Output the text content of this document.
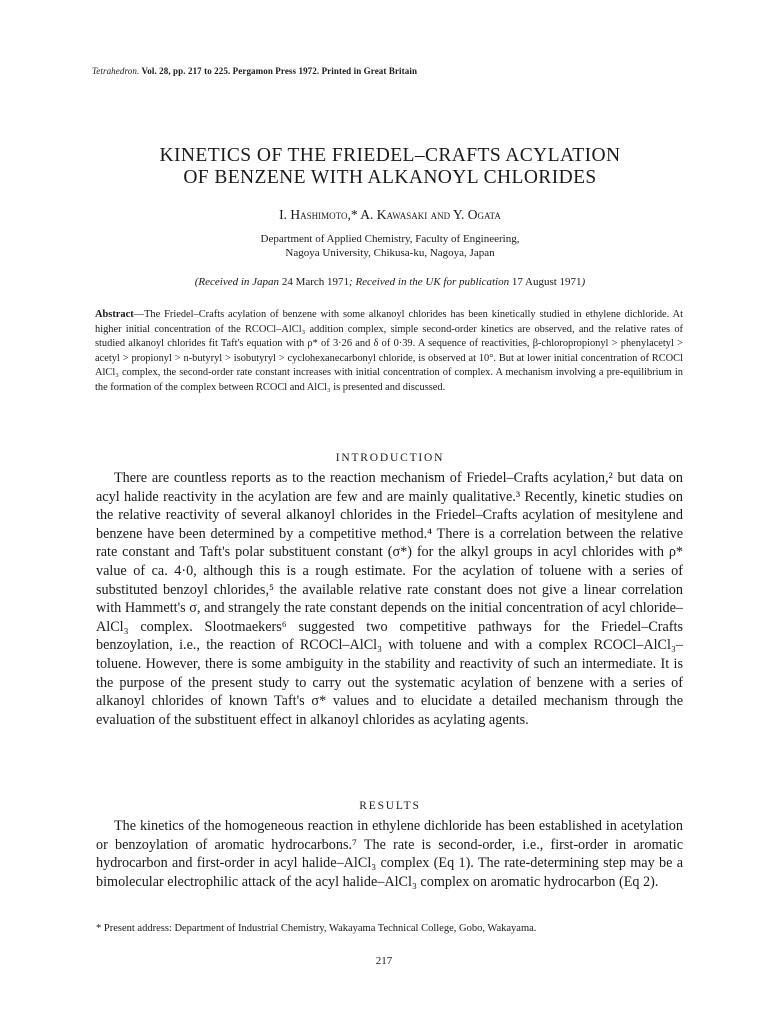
Tetrahedron. Vol. 28, pp. 217 to 225. Pergamon Press 1972. Printed in Great Britain
KINETICS OF THE FRIEDEL–CRAFTS ACYLATION
OF BENZENE WITH ALKANOYL CHLORIDES
I. Hashimoto,* A. Kawasaki and Y. Ogata
Department of Applied Chemistry, Faculty of Engineering,
Nagoya University, Chikusa-ku, Nagoya, Japan
(Received in Japan 24 March 1971; Received in the UK for publication 17 August 1971)
Abstract—The Friedel–Crafts acylation of benzene with some alkanoyl chlorides has been kinetically studied in ethylene dichloride. At higher initial concentration of the RCOCl–AlCl₃ addition complex, simple second-order kinetics are observed, and the relative rates of studied alkanoyl chlorides fit Taft's equation with ρ* of 3·26 and δ of 0·39. A sequence of reactivities, β-chloropropionyl > phenylacetyl > acetyl > propionyl > n-butyryl > isobutyryl > cyclohexanecarbonyl chloride, is observed at 10°. But at lower initial concentration of RCOCl AlCl₃ complex, the second-order rate constant increases with initial concentration of complex. A mechanism involving a pre-equilibrium in the formation of the complex between RCOCl and AlCl₃ is presented and discussed.
INTRODUCTION

There are countless reports as to the reaction mechanism of Friedel–Crafts acylation,² but data on acyl halide reactivity in the acylation are few and are mainly qualitative.³ Recently, kinetic studies on the relative reactivity of several alkanoyl chlorides in the Friedel–Crafts acylation of mesitylene and benzene have been determined by a competitive method.⁴ There is a correlation between the relative rate constant and Taft's polar substituent constant (σ*) for the alkyl groups in acyl chlorides with ρ* value of ca. 4·0, although this is a rough estimate. For the acylation of toluene with a series of substituted benzoyl chlorides,⁵ the available relative rate constant does not give a linear correlation with Hammett's σ, and strangely the rate constant depends on the initial concentration of acyl chloride–AlCl₃ complex. Slootmaekers⁶ suggested two competitive pathways for the Friedel–Crafts benzoylation, i.e., the reaction of RCOCl–AlCl₃ with toluene and with a complex RCOCl–AlCl₃–toluene. However, there is some ambiguity in the stability and reactivity of such an intermediate. It is the purpose of the present study to carry out the systematic acylation of benzene with a series of alkanoyl chlorides of known Taft's σ* values and to elucidate a detailed mechanism through the evaluation of the substituent effect in alkanoyl chlorides as acylating agents.

RESULTS

The kinetics of the homogeneous reaction in ethylene dichloride has been established in acetylation or benzoylation of aromatic hydrocarbons.⁷ The rate is second-order, i.e., first-order in aromatic hydrocarbon and first-order in acyl halide–AlCl₃ complex (Eq 1). The rate-determining step may be a bimolecular electrophilic attack of the acyl halide–AlCl₃ complex on aromatic hydrocarbon (Eq 2).

* Present address: Department of Industrial Chemistry, Wakayama Technical College, Gobo, Wakayama.
217
